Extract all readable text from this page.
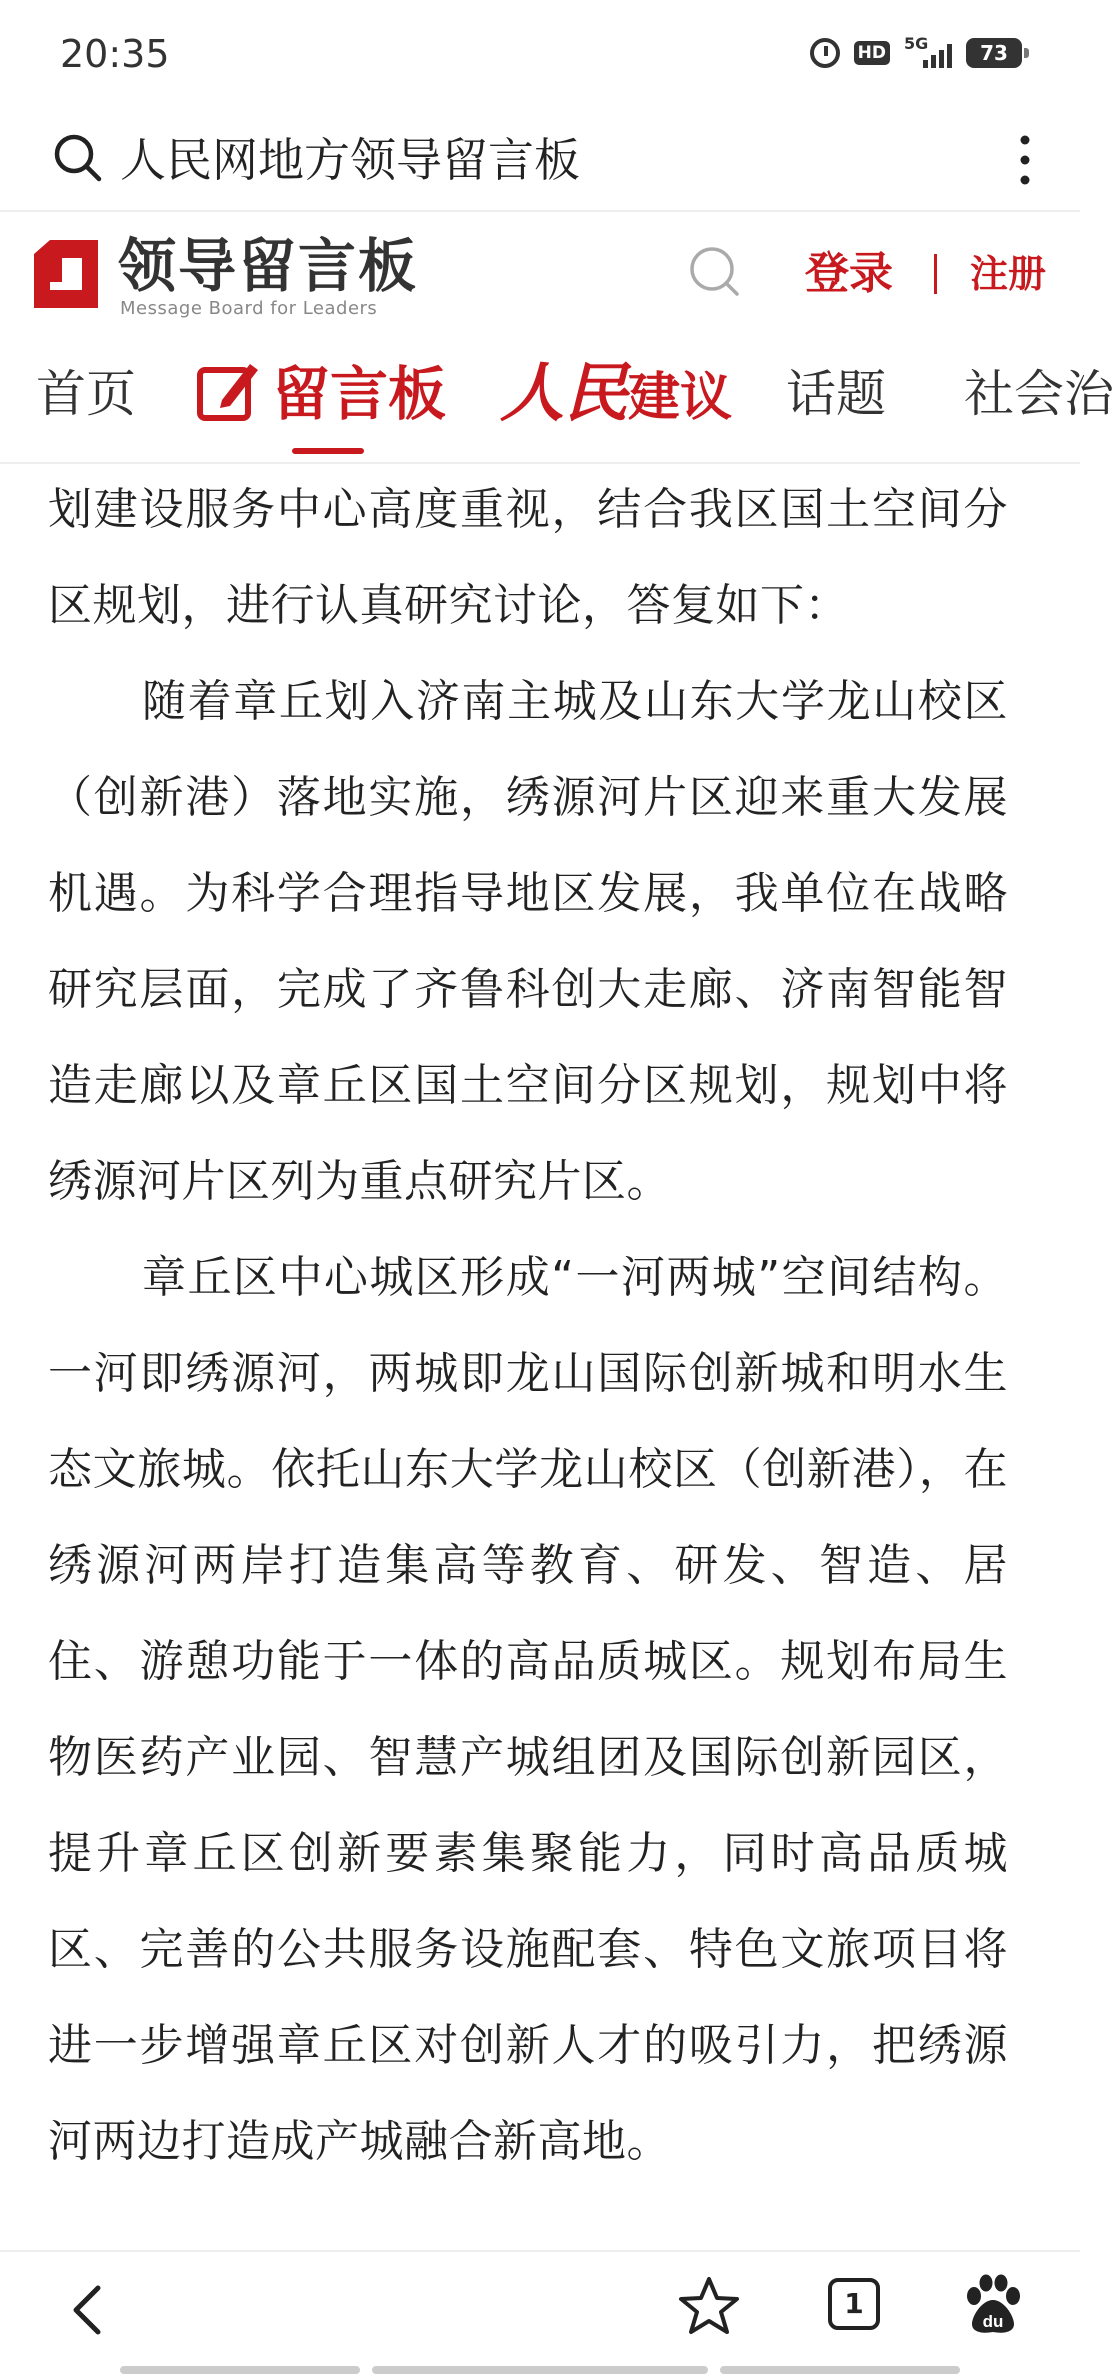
20:35	HD 5G	73
人民网地方领导留言板
领导留言板
Message Board for Leaders
登录 注册
首页	留言板 人民建议 话题 社会治

划建设服务中心高度重视，结合我区国土空间分区规划，进行认真研究讨论，答复如下：

随着章丘划入济南主城及山东大学龙山校区（创新港）落地实施，绣源河片区迎来重大发展机遇。为科学合理指导地区发展，我单位在战略研究层面，完成了齐鲁科创大走廊、济南智能智造走廊以及章丘区国土空间分区规划，规划中将绣源河片区列为重点研究片区。

章丘区中心城区形成“一河两城”空间结构。一河即绣源河，两城即龙山国际创新城和明水生态文旅城。依托山东大学龙山校区（创新港），在绣源河两岸打造集高等教育、研发、智造、居住、游憩功能于一体的高品质城区。规划布局生物医药产业园、智慧产城组团及国际创新园区，提升章丘区创新要素集聚能力，同时高品质城区、完善的公共服务设施配套、特色文旅项目将进一步增强章丘区对创新人才的吸引力，把绣源河两边打造成产城融合新高地。

1
du
